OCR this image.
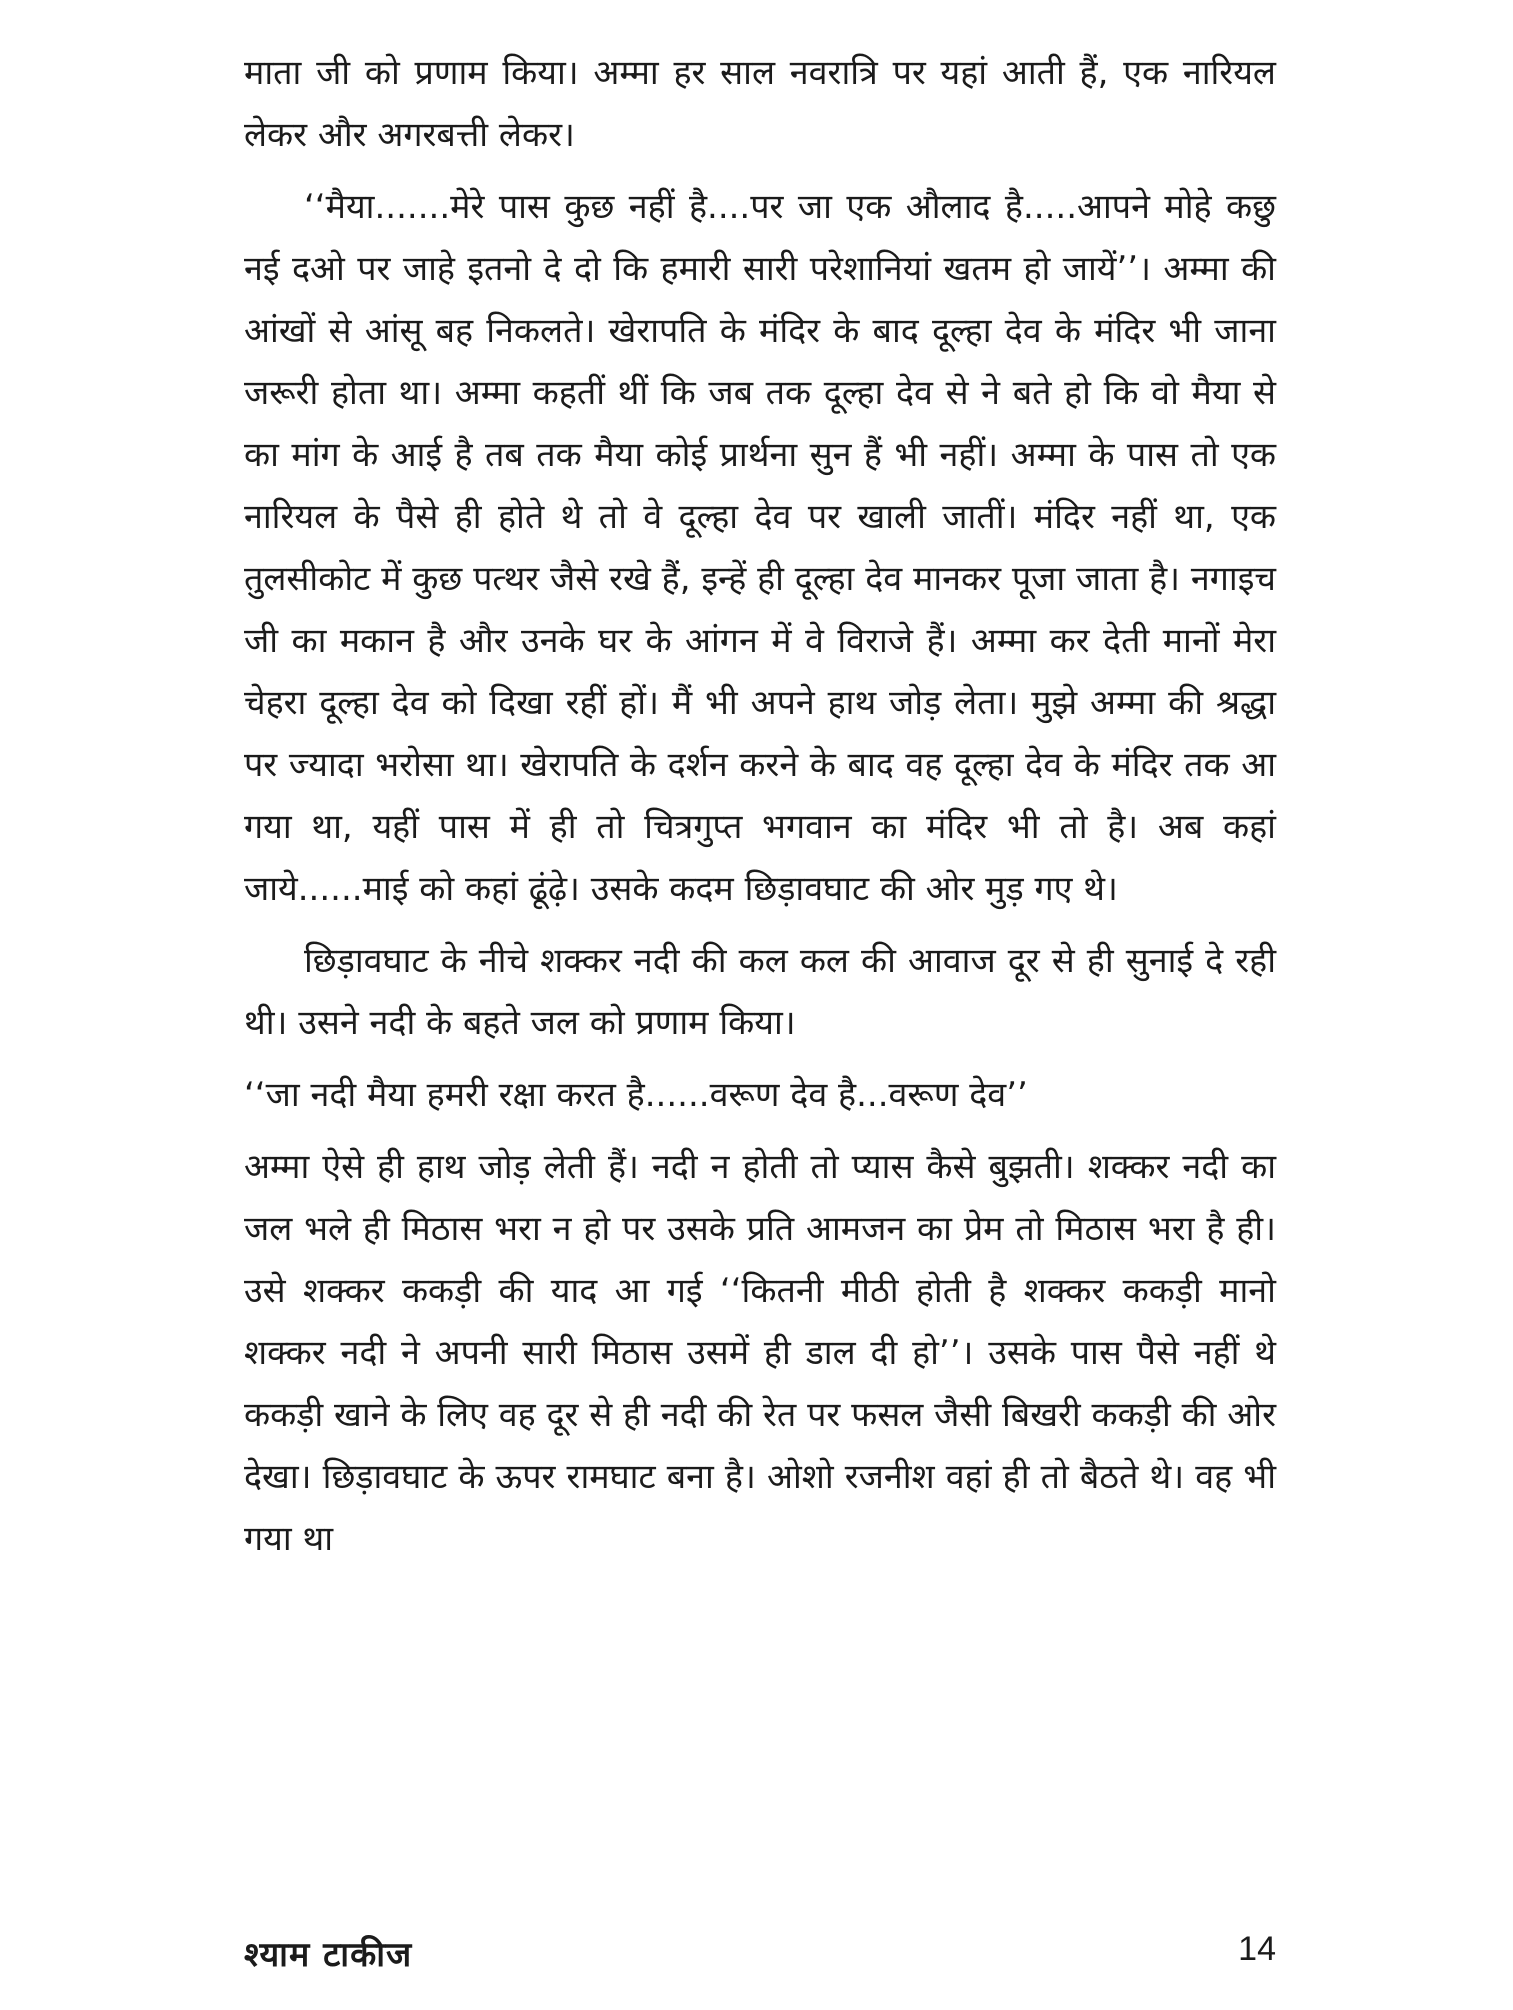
माता जी को प्रणाम किया। अम्मा हर साल नवरात्रि पर यहां आती हैं, एक नारियल लेकर और अगरबत्ती लेकर।

‘‘मैया.......मेरे पास कुछ नहीं है....पर जा एक औलाद है.....आपने मोहे कछु नई दओ पर जाहे इतनो दे दो कि हमारी सारी परेशानियां खतम हो जायें’’। अम्मा की आंखों से आंसू बह निकलते। खेरापति के मंदिर के बाद दूल्हा देव के मंदिर भी जाना जरूरी होता था। अम्मा कहतीं थीं कि जब तक दूल्हा देव से ने बते हो कि वो मैया से का मांग के आई है तब तक मैया कोई प्रार्थना सुन हैं भी नहीं। अम्मा के पास तो एक नारियल के पैसे ही होते थे तो वे दूल्हा देव पर खाली जातीं। मंदिर नहीं था, एक तुलसीकोट में कुछ पत्थर जैसे रखे हैं, इन्हें ही दूल्हा देव मानकर पूजा जाता है। नगाइच जी का मकान है और उनके घर के आंगन में वे विराजे हैं। अम्मा कर देती मानों मेरा चेहरा दूल्हा देव को दिखा रहीं हों। मैं भी अपने हाथ जोड़ लेता। मुझे अम्मा की श्रद्धा पर ज्यादा भरोसा था। खेरापति के दर्शन करने के बाद वह दूल्हा देव के मंदिर तक आ गया था, यहीं पास में ही तो चित्रगुप्त भगवान का मंदिर भी तो है। अब कहां जाये......माई को कहां ढूंढ़े। उसके कदम छिड़ावघाट की ओर मुड़ गए थे।

छिड़ावघाट के नीचे शक्कर नदी की कल कल की आवाज दूर से ही सुनाई दे रही थी। उसने नदी के बहते जल को प्रणाम किया।

‘‘जा नदी मैया हमरी रक्षा करत है......वरूण देव है...वरूण देव’’

अम्मा ऐसे ही हाथ जोड़ लेती हैं। नदी न होती तो प्यास कैसे बुझती। शक्कर नदी का जल भले ही मिठास भरा न हो पर उसके प्रति आमजन का प्रेम तो मिठास भरा है ही। उसे शक्कर ककड़ी की याद आ गई ‘‘कितनी मीठी होती है शक्कर ककड़ी मानो शक्कर नदी ने अपनी सारी मिठास उसमें ही डाल दी हो’’। उसके पास पैसे नहीं थे ककड़ी खाने के लिए वह दूर से ही नदी की रेत पर फसल जैसी बिखरी ककड़ी की ओर देखा। छिड़ावघाट के ऊपर रामघाट बना है। ओशो रजनीश वहां ही तो बैठते थे। वह भी गया था

श्याम टाकीज	14
